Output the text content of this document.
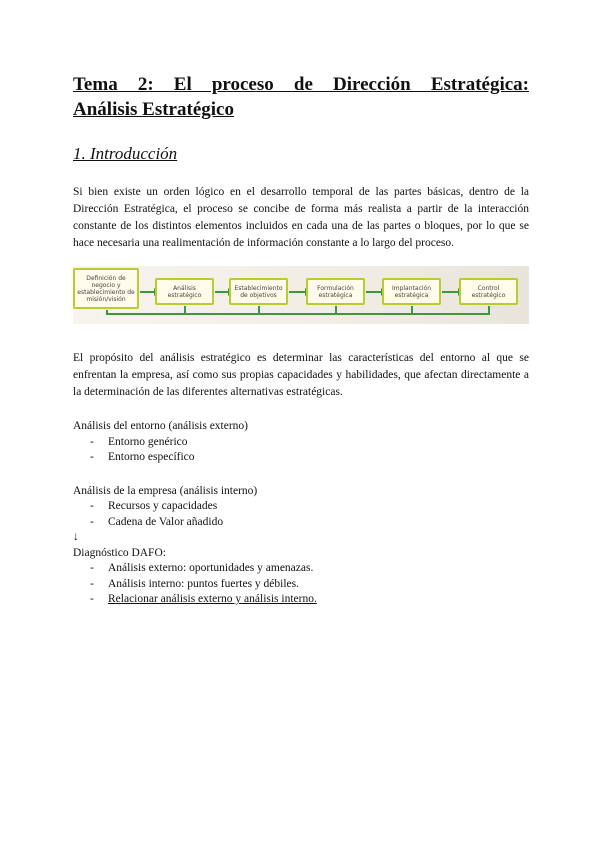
Tema 2: El proceso de Dirección Estratégica:
Análisis Estratégico
1. Introducción

Si bien existe un orden lógico en el desarrollo temporal de las partes básicas, dentro de la Dirección Estratégica, el proceso se concibe de forma más realista a partir de la interacción constante de los distintos elementos incluidos en cada una de las partes o bloques, por lo que se hace necesaria una realimentación de información constante a lo largo del proceso.

Definición de negocio y establecimiento de misión/visión
Análisis estratégico
Establecimiento de objetivos
Formulación estratégica
Implantación estratégica
Control estratégico

El propósito del análisis estratégico es determinar las características del entorno al que se enfrentan la empresa, así como sus propias capacidades y habilidades, que afectan directamente a la determinación de las diferentes alternativas estratégicas.

Análisis del entorno (análisis externo)

- Entorno genérico
- Entorno específico

Análisis de la empresa (análisis interno)

- Recursos y capacidades
- Cadena de Valor añadido

↓

Diagnóstico DAFO:

- Análisis externo: oportunidades y amenazas.
- Análisis interno: puntos fuertes y débiles.
- Relacionar análisis externo y análisis interno.
